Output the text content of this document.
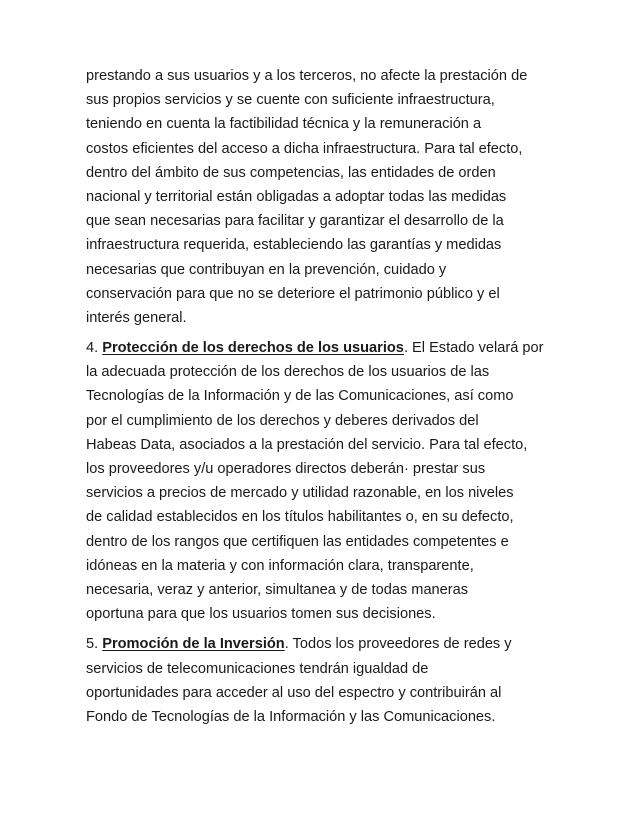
prestando a sus usuarios y a los terceros, no afecte la prestación de
sus propios servicios y se cuente con suficiente infraestructura,
teniendo en cuenta la factibilidad técnica y la remuneración a
costos eficientes del acceso a dicha infraestructura. Para tal efecto,
dentro del ámbito de sus competencias, las entidades de orden
nacional y territorial están obligadas a adoptar todas las medidas
que sean necesarias para facilitar y garantizar el desarrollo de la
infraestructura requerida, estableciendo las garantías y medidas
necesarias que contribuyan en la prevención, cuidado y
conservación para que no se deteriore el patrimonio público y el
interés general.
4. Protección de los derechos de los usuarios. El Estado velará por
la adecuada protección de los derechos de los usuarios de las
Tecnologías de la Información y de las Comunicaciones, así como
por el cumplimiento de los derechos y deberes derivados del
Habeas Data, asociados a la prestación del servicio. Para tal efecto,
los proveedores y/u operadores directos deberán· prestar sus
servicios a precios de mercado y utilidad razonable, en los niveles
de calidad establecidos en los títulos habilitantes o, en su defecto,
dentro de los rangos que certifiquen las entidades competentes e
idóneas en la materia y con información clara, transparente,
necesaria, veraz y anterior, simultanea y de todas maneras
oportuna para que los usuarios tomen sus decisiones.
5. Promoción de la Inversión. Todos los proveedores de redes y
servicios de telecomunicaciones tendrán igualdad de
oportunidades para acceder al uso del espectro y contribuirán al
Fondo de Tecnologías de la Información y las Comunicaciones.
